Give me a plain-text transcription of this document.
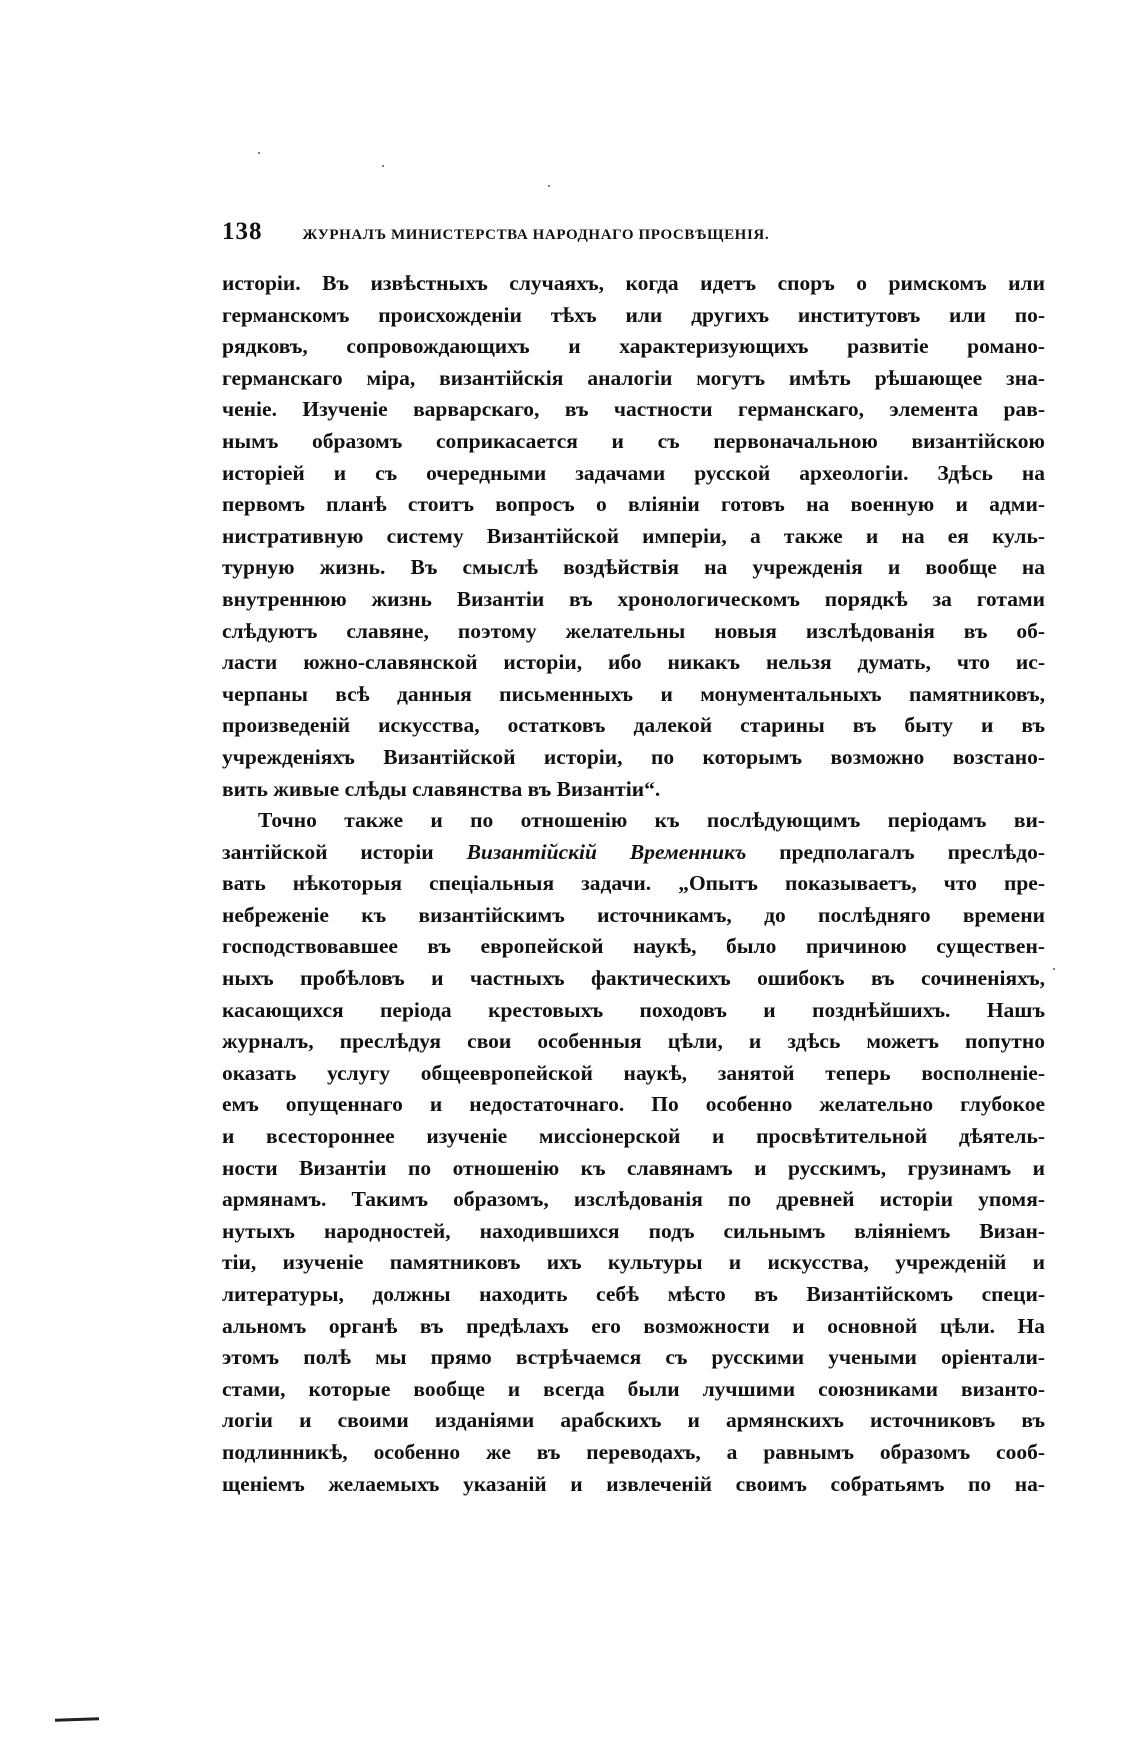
138	ЖУРНАЛЪ МИНИСТЕРСТВА НАРОДНАГО ПРОСВѢЩЕНІЯ.
исторіи. Въ извѣстныхъ случаяхъ, когда идетъ споръ о римскомъ или
германскомъ происхожденіи тѣхъ или другихъ институтовъ или по-
рядковъ, сопровождающихъ и характеризующихъ развитіе романо-
германскаго міра, византійскія аналогіи могутъ имѣть рѣшающее зна-
ченіе. Изученіе варварскаго, въ частности германскаго, элемента рав-
нымъ образомъ соприкасается и съ первоначальною византійскою
исторіей и съ очередными задачами русской археологіи. Здѣсь на
первомъ планѣ стоитъ вопросъ о вліяніи готовъ на военную и адми-
нистративную систему Византійской имперіи, а также и на ея куль-
турную жизнь. Въ смыслѣ воздѣйствія на учрежденія и вообще на
внутреннюю жизнь Византіи въ хронологическомъ порядкѣ за готами
слѣдуютъ славяне, поэтому желательны новыя изслѣдованія въ об-
ласти южно-славянской исторіи, ибо никакъ нельзя думать, что ис-
черпаны всѣ данныя письменныхъ и монументальныхъ памятниковъ,
произведеній искусства, остатковъ далекой старины въ быту и въ
учрежденіяхъ Византійской исторіи, по которымъ возможно возстано-
вить живые слѣды славянства въ Византіи“.
Точно также и по отношенію къ послѣдующимъ періодамъ ви-
зантійской исторіи Византійскій Временникъ предполагалъ преслѣдо-
вать нѣкоторыя спеціальныя задачи. „Опытъ показываетъ, что пре-
небреженіе къ византійскимъ источникамъ, до послѣдняго времени
господствовавшее въ европейской наукѣ, было причиною существен-
ныхъ пробѣловъ и частныхъ фактическихъ ошибокъ въ сочиненіяхъ,
касающихся періода крестовыхъ походовъ и позднѣйшихъ. Нашъ
журналъ, преслѣдуя свои особенныя цѣли, и здѣсь можетъ попутно
оказать услугу общеевропейской наукѣ, занятой теперь восполненіе-
емъ опущеннаго и недостаточнаго. По особенно желательно глубокое
и всестороннее изученіе миссіонерской и просвѣтительной дѣятель-
ности Византіи по отношенію къ славянамъ и русскимъ, грузинамъ и
армянамъ. Такимъ образомъ, изслѣдованія по древней исторіи упомя-
нутыхъ народностей, находившихся подъ сильнымъ вліяніемъ Визан-
тіи, изученіе памятниковъ ихъ культуры и искусства, учрежденій и
литературы, должны находить себѣ мѣсто въ Византійскомъ специ-
альномъ органѣ въ предѣлахъ его возможности и основной цѣли. На
этомъ полѣ мы прямо встрѣчаемся съ русскими учеными оріентали-
стами, которые вообще и всегда были лучшими союзниками византо-
логіи и своими изданіями арабскихъ и армянскихъ источниковъ въ
подлинникѣ, особенно же въ переводахъ, а равнымъ образомъ сооб-
щеніемъ желаемыхъ указаній и извлеченій своимъ собратьямъ по на-
